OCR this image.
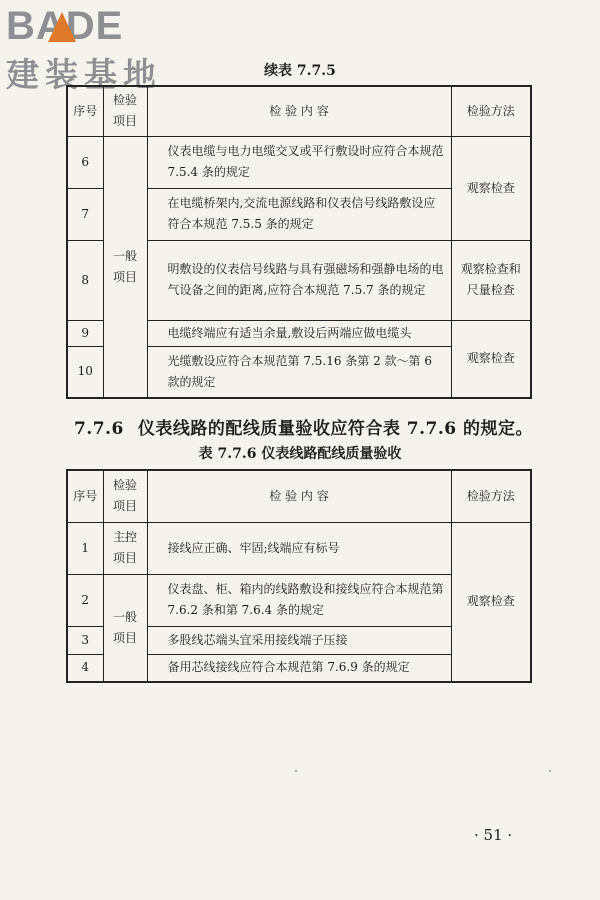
BADE
建装基地	续表 7.7.5
序号	检验项目	检 验 内 容	检验方法
6	一般项目	仪表电缆与电力电缆交叉或平行敷设时应符合本规范 7.5.4 条的规定	观察检查
7		在电缆桥架内,交流电源线路和仪表信号线路敷设应符合本规范 7.5.5 条的规定	
8		明敷设的仪表信号线路与具有强磁场和强静电场的电气设备之间的距离,应符合本规范 7.5.7 条的规定	观察检查和尺量检查
9		电缆终端应有适当余量,敷设后两端应做电缆头	观察检查
10		光缆敷设应符合本规范第 7.5.16 条第 2 款～第 6 款的规定	
7.7.6 仪表线路的配线质量验收应符合表 7.7.6 的规定。
表 7.7.6 仪表线路配线质量验收
序号	检验项目	检 验 内 容	检验方法
1	主控项目	接线应正确、牢固;线端应有标号	观察检查
2	一般项目	仪表盘、柜、箱内的线路敷设和接线应符合本规范第 7.6.2 条和第 7.6.4 条的规定	
3		多股线芯端头宜采用接线端子压接	
4		备用芯线接线应符合本规范第 7.6.9 条的规定	
· 51 ·
